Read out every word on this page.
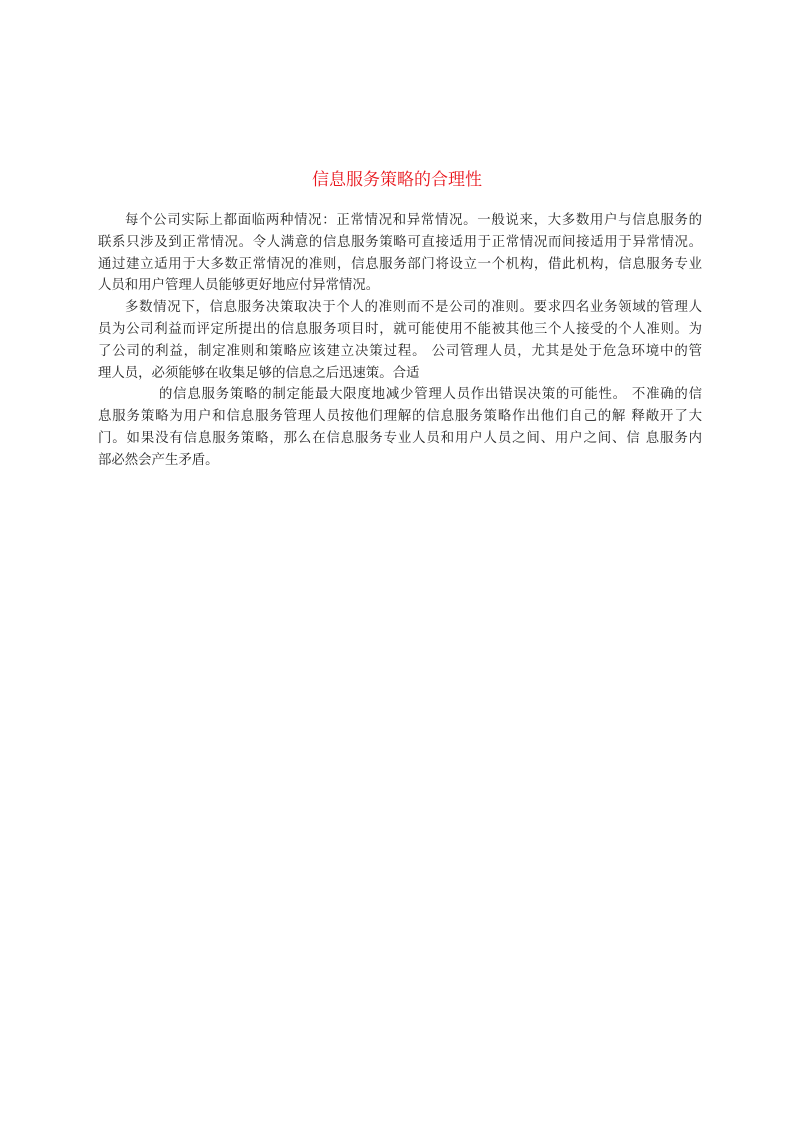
信息服务策略的合理性
每个公司实际上都面临两种情况：正常情况和异常情况。一般说来，大多数用户与信息服务的
联系只涉及到正常情况。令人满意的信息服务策略可直接适用于正常情况而间接适用于异常情况。
通过建立适用于大多数正常情况的准则，信息服务部门将设立一个机构，借此机构，信息服务专业
人员和用户管理人员能够更好地应付异常情况。
多数情况下，信息服务决策取决于个人的准则而不是公司的准则。要求四名业务领域的管理人
员为公司利益而评定所提出的信息服务项目时，就可能使用不能被其他三个人接受的个人准则。为
了公司的利益，制定准则和策略应该建立决策过程。 公司管理人员，尤其是处于危急环境中的管
理人员，必须能够在收集足够的信息之后迅速策。合适
的信息服务策略的制定能最大限度地减少管理人员作出错误决策的可能性。 不准确的信
息服务策略为用户和信息服务管理人员按他们理解的信息服务策略作出他们自己的解 释敞开了大
门。如果没有信息服务策略，那么在信息服务专业人员和用户人员之间、用户之间、信 息服务内
部必然会产生矛盾。
